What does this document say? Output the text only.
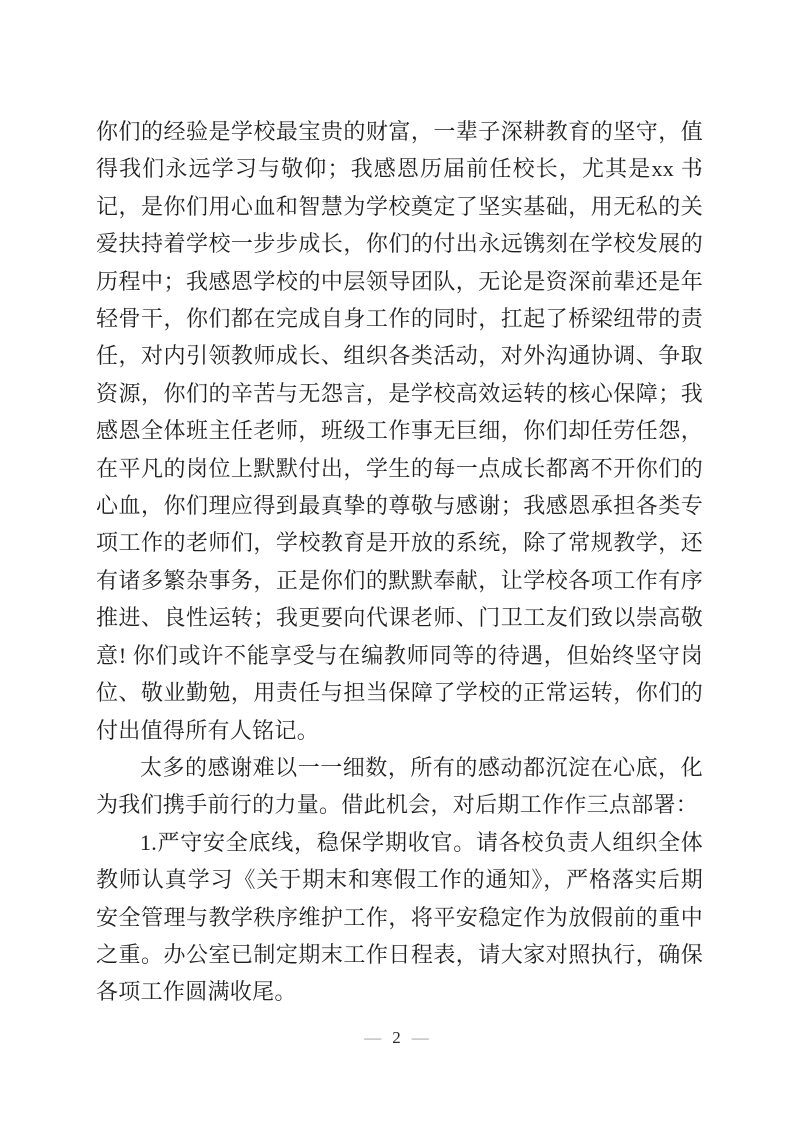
你们的经验是学校最宝贵的财富，一辈子深耕教育的坚守，值得我们永远学习与敬仰；我感恩历届前任校长，尤其是xx 书记，是你们用心血和智慧为学校奠定了坚实基础，用无私的关爱扶持着学校一步步成长，你们的付出永远镌刻在学校发展的历程中；我感恩学校的中层领导团队，无论是资深前辈还是年轻骨干，你们都在完成自身工作的同时，扛起了桥梁纽带的责任，对内引领教师成长、组织各类活动，对外沟通协调、争取资源，你们的辛苦与无怨言，是学校高效运转的核心保障；我感恩全体班主任老师，班级工作事无巨细，你们却任劳任怨，在平凡的岗位上默默付出，学生的每一点成长都离不开你们的心血，你们理应得到最真挚的尊敬与感谢；我感恩承担各类专项工作的老师们，学校教育是开放的系统，除了常规教学，还有诸多繁杂事务，正是你们的默默奉献，让学校各项工作有序推进、良性运转；我更要向代课老师、门卫工友们致以崇高敬意! 你们或许不能享受与在编教师同等的待遇，但始终坚守岗位、敬业勤勉，用责任与担当保障了学校的正常运转，你们的付出值得所有人铭记。

太多的感谢难以一一细数，所有的感动都沉淀在心底，化为我们携手前行的力量。借此机会，对后期工作作三点部署：

1.严守安全底线，稳保学期收官。请各校负责人组织全体教师认真学习《关于期末和寒假工作的通知》，严格落实后期安全管理与教学秩序维护工作，将平安稳定作为放假前的重中之重。办公室已制定期末工作日程表，请大家对照执行，确保各项工作圆满收尾。

— 2 —
